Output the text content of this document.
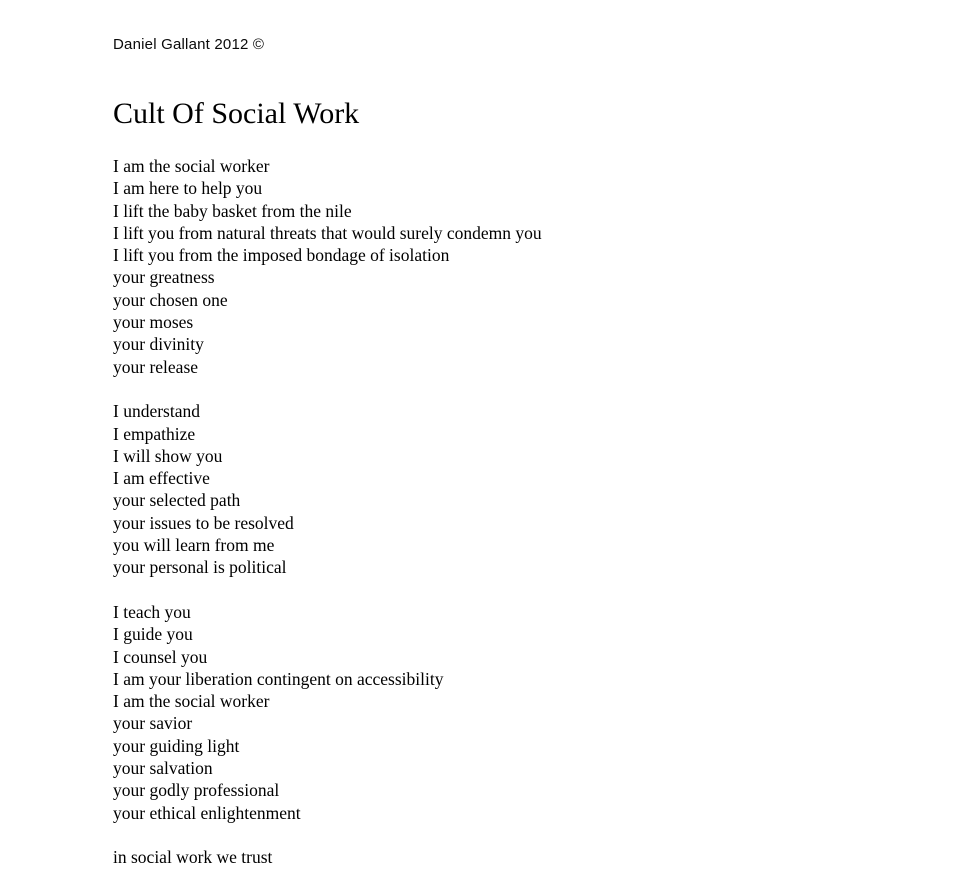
Daniel Gallant 2012 ©
Cult Of Social Work
I am the social worker
I am here to help you
I lift the baby basket from the nile
I lift you from natural threats that would surely condemn you
I lift you from the imposed bondage of isolation
your greatness
your chosen one
your moses
your divinity
your release
I understand
I empathize
I will show you
I am effective
your selected path
your issues to be resolved
you will learn from me
your personal is political
I teach you
I guide you
I counsel you
I am your liberation contingent on accessibility
I am the social worker
your savior
your guiding light
your salvation
your godly professional
your ethical enlightenment
in social work we trust
